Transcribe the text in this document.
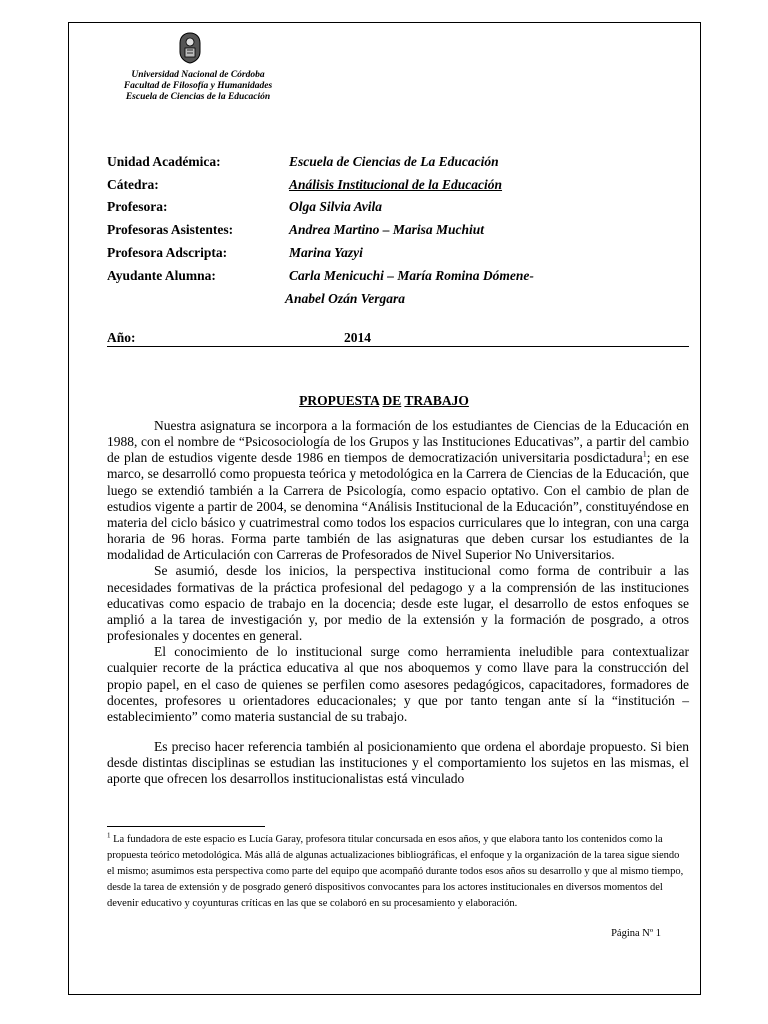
Universidad Nacional de Córdoba
Facultad de Filosofía y Humanidades
Escuela de Ciencias de la Educación
Unidad Académica:	Escuela de Ciencias de La Educación
Cátedra:	Análisis Institucional de la Educación
Profesora:	Olga Silvia Avila
Profesoras Asistentes:	Andrea Martino – Marisa Muchiut
Profesora Adscripta:	Marina Yazyi
Ayudante Alumna:	Carla Menicuchi – María Romina Dómene-
Anabel Ozán Vergara
Año:	2014
PROPUESTA DE TRABAJO

Nuestra asignatura se incorpora a la formación de los estudiantes de Ciencias de la Educación en 1988, con el nombre de “Psicosociología de los Grupos y las Instituciones Educativas”, a partir del cambio de plan de estudios vigente desde 1986 en tiempos de democratización universitaria posdictadura$^1$; en ese marco, se desarrolló como propuesta teórica y metodológica en la Carrera de Ciencias de la Educación, que luego se extendió también a la Carrera de Psicología, como espacio optativo. Con el cambio de plan de estudios vigente a partir de 2004, se denomina “Análisis Institucional de la Educación”, constituyéndose en materia del ciclo básico y cuatrimestral como todos los espacios curriculares que lo integran, con una carga horaria de 96 horas. Forma parte también de las asignaturas que deben cursar los estudiantes de la modalidad de Articulación con Carreras de Profesorados de Nivel Superior No Universitarios.

Se asumió, desde los inicios, la perspectiva institucional como forma de contribuir a las necesidades formativas de la práctica profesional del pedagogo y a la comprensión de las instituciones educativas como espacio de trabajo en la docencia; desde este lugar, el desarrollo de estos enfoques se amplió a la tarea de investigación y, por medio de la extensión y la formación de posgrado, a otros profesionales y docentes en general.

El conocimiento de lo institucional surge como herramienta ineludible para contextualizar cualquier recorte de la práctica educativa al que nos aboquemos y como llave para la construcción del propio papel, en el caso de quienes se perfilen como asesores pedagógicos, capacitadores, formadores de docentes, profesores u orientadores educacionales; y que por tanto tengan ante sí la “institución – establecimiento” como materia sustancial de su trabajo.

Es preciso hacer referencia también al posicionamiento que ordena el abordaje propuesto. Si bien desde distintas disciplinas se estudian las instituciones y el comportamiento los sujetos en las mismas, el aporte que ofrecen los desarrollos institucionalistas está vinculado

$^1$ La fundadora de este espacio es Lucía Garay, profesora titular concursada en esos años, y que elabora tanto los contenidos como la propuesta teórico metodológica. Más allá de algunas actualizaciones bibliográficas, el enfoque y la organización de la tarea sigue siendo el mismo; asumimos esta perspectiva como parte del equipo que acompañó durante todos esos años su desarrollo y que al mismo tiempo, desde la tarea de extensión y de posgrado generó dispositivos convocantes para los actores institucionales en diversos momentos del devenir educativo y coyunturas críticas en las que se colaboró en su procesamiento y elaboración.
Página Nº 1
